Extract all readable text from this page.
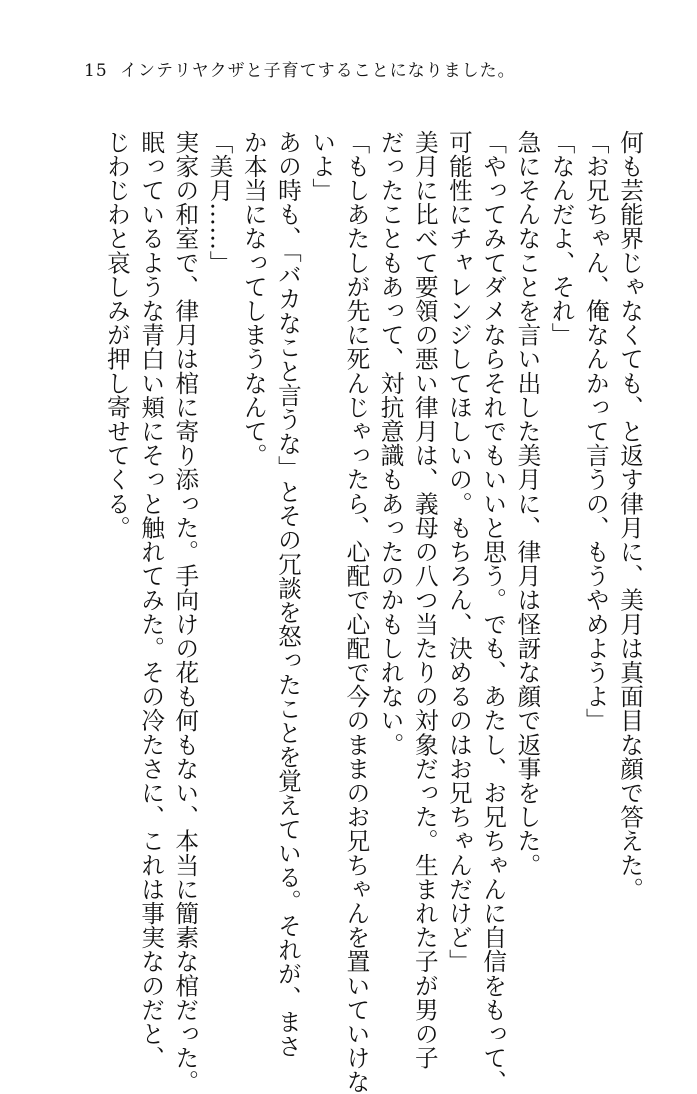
15 インテリヤクザと子育てすることになりました。

何も芸能界じゃなくても、と返す律月に、美月は真面目な顔で答えた。

「お兄ちゃん、俺なんかって言うの、もうやめようよ」

「なんだよ、それ」

急にそんなことを言い出した美月に、律月は怪訝な顔で返事をした。

「やってみてダメならそれでもいいと思う。でも、あたし、お兄ちゃんに自信をもって、

可能性にチャレンジしてほしいの。もちろん、決めるのはお兄ちゃんだけど」

美月に比べて要領の悪い律月は、義母の八つ当たりの対象だった。生まれた子が男の子

だったこともあって、対抗意識もあったのかもしれない。

「もしあたしが先に死んじゃったら、心配で心配で今のままのお兄ちゃんを置いていけな

いよ」

あの時も、「バカなこと言うな」とその冗談を怒ったことを覚えている。それが、まさ

か本当になってしまうなんて。

「美月……」

実家の和室で、律月は棺に寄り添った。手向けの花も何もない、本当に簡素な棺だった。

眠っているような青白い頬にそっと触れてみた。その冷たさに、これは事実なのだと、

じわじわと哀しみが押し寄せてくる。
